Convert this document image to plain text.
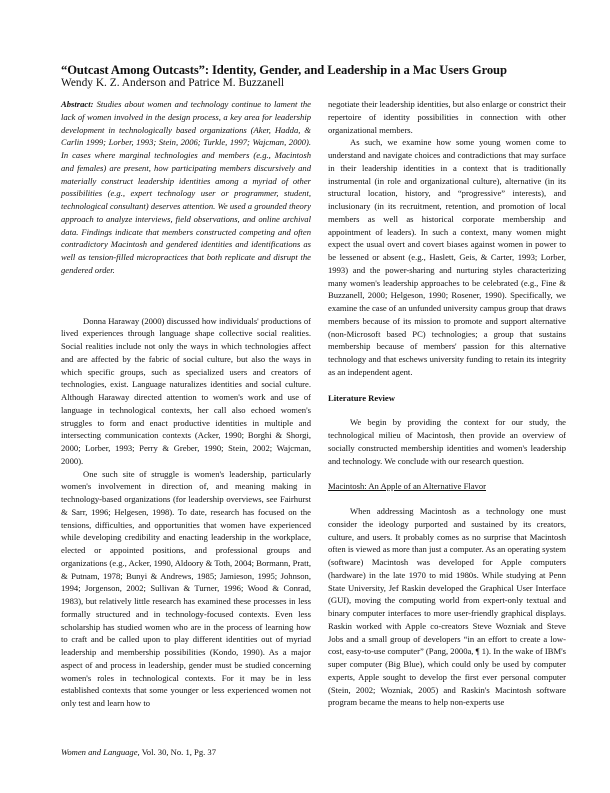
“Outcast Among Outcasts”: Identity, Gender, and Leadership in a Mac Users Group
Wendy K. Z. Anderson and Patrice M. Buzzanell

Abstract: Studies about women and technology continue to lament the lack of women involved in the design process, a key area for leadership development in technologically based organizations (Aker, Hadda, & Carlin 1999; Lorber, 1993; Stein, 2006; Turkle, 1997; Wajcman, 2000). In cases where marginal technologies and members (e.g., Macintosh and females) are present, how participating members discursively and materially construct leadership identities among a myriad of other possibilities (e.g., expert technology user or programmer, student, technological consultant) deserves attention. We used a grounded theory approach to analyze interviews, field observations, and online archival data. Findings indicate that members constructed competing and often contradictory Macintosh and gendered identities and identifications as well as tension-filled micropractices that both replicate and disrupt the gendered order.

Donna Haraway (2000) discussed how individuals' productions of lived experiences through language shape collective social realities. Social realities include not only the ways in which technologies affect and are affected by the fabric of social culture, but also the ways in which specific groups, such as specialized users and creators of technologies, exist. Language naturalizes identities and social culture. Although Haraway directed attention to women's work and use of language in technological contexts, her call also echoed women's struggles to form and enact productive identities in multiple and intersecting communication contexts (Acker, 1990; Borghi & Shorgi, 2000; Lorber, 1993; Perry & Greber, 1990; Stein, 2002; Wajcman, 2000).

One such site of struggle is women's leadership, particularly women's involvement in direction of, and meaning making in technology-based organizations (for leadership overviews, see Fairhurst & Sarr, 1996; Helgesen, 1998). To date, research has focused on the tensions, difficulties, and opportunities that women have experienced while developing credibility and enacting leadership in the workplace, elected or appointed positions, and professional groups and organizations (e.g., Acker, 1990, Aldoory & Toth, 2004; Bormann, Pratt, & Putnam, 1978; Bunyi & Andrews, 1985; Jamieson, 1995; Johnson, 1994; Jorgenson, 2002; Sullivan & Turner, 1996; Wood & Conrad, 1983), but relatively little research has examined these processes in less formally structured and in technology-focused contexts. Even less scholarship has studied women who are in the process of learning how to craft and be called upon to play different identities out of myriad leadership and membership possibilities (Kondo, 1990). As a major aspect of and process in leadership, gender must be studied concerning women's roles in technological contexts. For it may be in less established contexts that some younger or less experienced women not only test and learn how to

negotiate their leadership identities, but also enlarge or constrict their repertoire of identity possibilities in connection with other organizational members.

As such, we examine how some young women come to understand and navigate choices and contradictions that may surface in their leadership identities in a context that is traditionally instrumental (in role and organizational culture), alternative (in its structural location, history, and “progressive” interests), and inclusionary (in its recruitment, retention, and promotion of local members as well as historical corporate membership and appointment of leaders). In such a context, many women might expect the usual overt and covert biases against women in power to be lessened or absent (e.g., Haslett, Geis, & Carter, 1993; Lorber, 1993) and the power-sharing and nurturing styles characterizing many women's leadership approaches to be celebrated (e.g., Fine & Buzzanell, 2000; Helgeson, 1990; Rosener, 1990). Specifically, we examine the case of an unfunded university campus group that draws members because of its mission to promote and support alternative (non-Microsoft based PC) technologies; a group that sustains membership because of members' passion for this alternative technology and that eschews university funding to retain its integrity as an independent agent.

Literature Review

We begin by providing the context for our study, the technological milieu of Macintosh, then provide an overview of socially constructed membership identities and women's leadership and technology. We conclude with our research question.

Macintosh: An Apple of an Alternative Flavor

When addressing Macintosh as a technology one must consider the ideology purported and sustained by its creators, culture, and users. It probably comes as no surprise that Macintosh often is viewed as more than just a computer. As an operating system (software) Macintosh was developed for Apple computers (hardware) in the late 1970 to mid 1980s. While studying at Penn State University, Jef Raskin developed the Graphical User Interface (GUI), moving the computing world from expert-only textual and binary computer interfaces to more user-friendly graphical displays. Raskin worked with Apple co-creators Steve Wozniak and Steve Jobs and a small group of developers “in an effort to create a low-cost, easy-to-use computer” (Pang, 2000a, ¶ 1). In the wake of IBM's super computer (Big Blue), which could only be used by computer experts, Apple sought to develop the first ever personal computer (Stein, 2002; Wozniak, 2005) and Raskin's Macintosh software program became the means to help non-experts use

Women and Language, Vol. 30, No. 1, Pg. 37
